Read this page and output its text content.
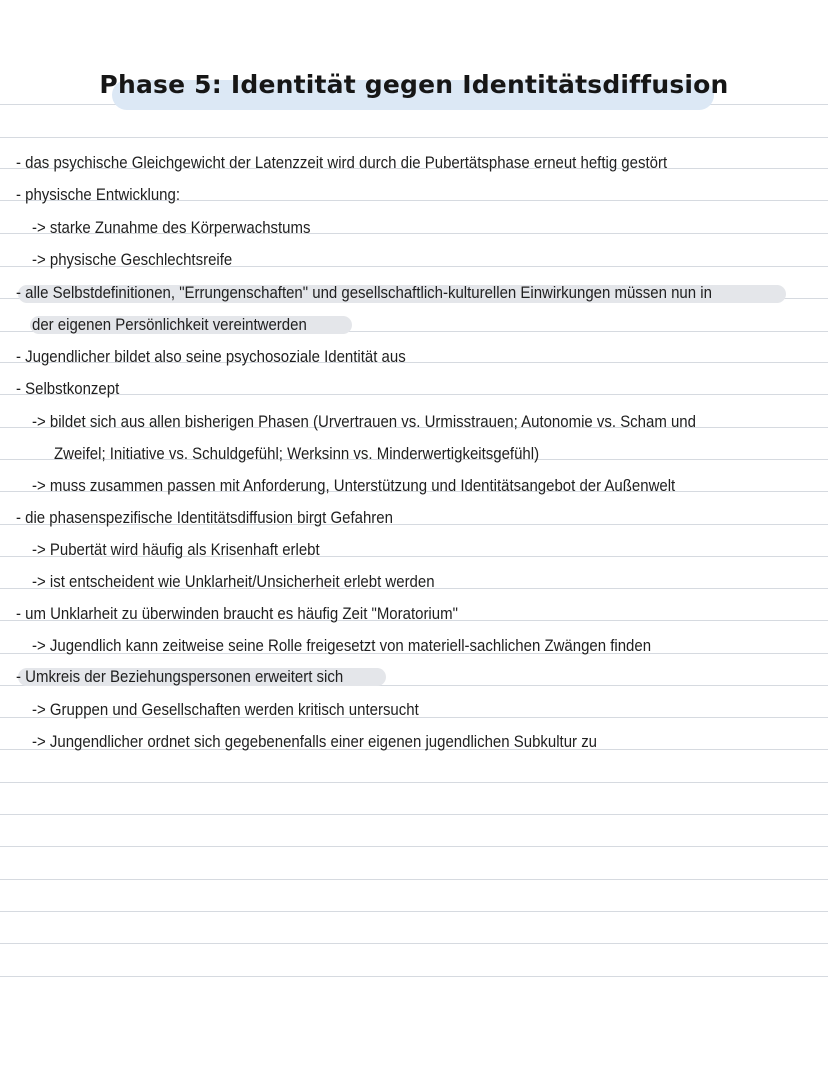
Phase 5: Identität gegen Identitätsdiffusion
- das psychische Gleichgewicht der Latenzzeit wird durch die Pubertätsphase erneut heftig gestört
- physische Entwicklung:
-> starke Zunahme des Körperwachstums
-> physische Geschlechtsreife
- alle Selbstdefinitionen, "Errungenschaften" und gesellschaftlich-kulturellen Einwirkungen müssen nun in
der eigenen Persönlichkeit vereintwerden
- Jugendlicher bildet also seine psychosoziale Identität aus
- Selbstkonzept
-> bildet sich aus allen bisherigen Phasen (Urvertrauen vs. Urmisstrauen; Autonomie vs. Scham und
Zweifel; Initiative vs. Schuldgefühl; Werksinn vs. Minderwertigkeitsgefühl)
-> muss zusammen passen mit Anforderung, Unterstützung und Identitätsangebot der Außenwelt
- die phasenspezifische Identitätsdiffusion birgt Gefahren
-> Pubertät wird häufig als Krisenhaft erlebt
-> ist entscheident wie Unklarheit/Unsicherheit erlebt werden
- um Unklarheit zu überwinden braucht es häufig Zeit "Moratorium"
-> Jugendlich kann zeitweise seine Rolle freigesetzt von materiell-sachlichen Zwängen finden
- Umkreis der Beziehungspersonen erweitert sich
-> Gruppen und Gesellschaften werden kritisch untersucht
-> Jungendlicher ordnet sich gegebenenfalls einer eigenen jugendlichen Subkultur zu
